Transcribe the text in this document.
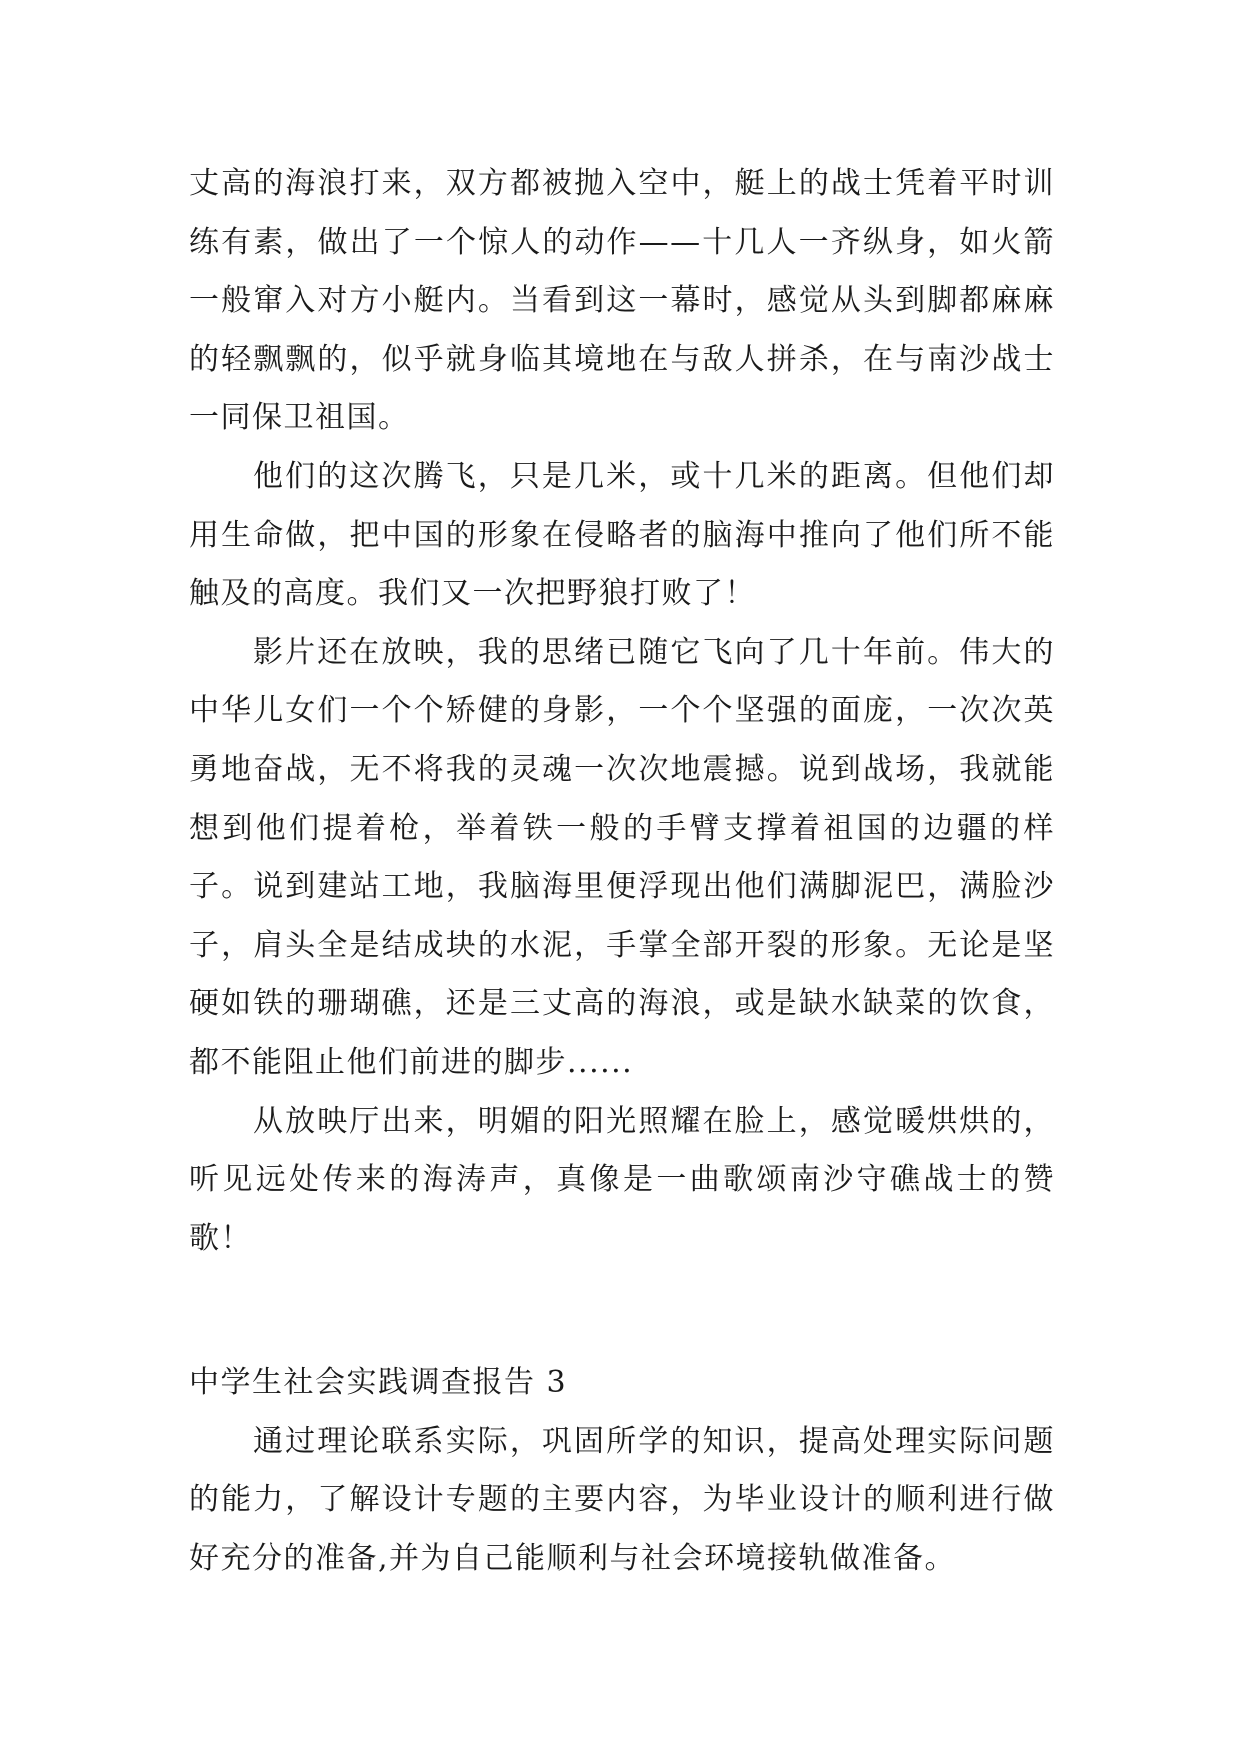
丈高的海浪打来，双方都被抛入空中，艇上的战士凭着平时训练有素，做出了一个惊人的动作——十几人一齐纵身，如火箭一般窜入对方小艇内。当看到这一幕时，感觉从头到脚都麻麻的轻飘飘的，似乎就身临其境地在与敌人拼杀，在与南沙战士一同保卫祖国。

他们的这次腾飞，只是几米，或十几米的距离。但他们却用生命做，把中国的形象在侵略者的脑海中推向了他们所不能触及的高度。我们又一次把野狼打败了！

影片还在放映，我的思绪已随它飞向了几十年前。伟大的中华儿女们一个个矫健的身影，一个个坚强的面庞，一次次英勇地奋战，无不将我的灵魂一次次地震撼。说到战场，我就能想到他们提着枪，举着铁一般的手臂支撑着祖国的边疆的样子。说到建站工地，我脑海里便浮现出他们满脚泥巴，满脸沙子，肩头全是结成块的水泥，手掌全部开裂的形象。无论是坚硬如铁的珊瑚礁，还是三丈高的海浪，或是缺水缺菜的饮食，都不能阻止他们前进的脚步......

从放映厅出来，明媚的阳光照耀在脸上，感觉暖烘烘的，听见远处传来的海涛声，真像是一曲歌颂南沙守礁战士的赞歌！

中学生社会实践调查报告 3

通过理论联系实际，巩固所学的知识，提高处理实际问题的能力，了解设计专题的主要内容，为毕业设计的顺利进行做好充分的准备,并为自己能顺利与社会环境接轨做准备。
